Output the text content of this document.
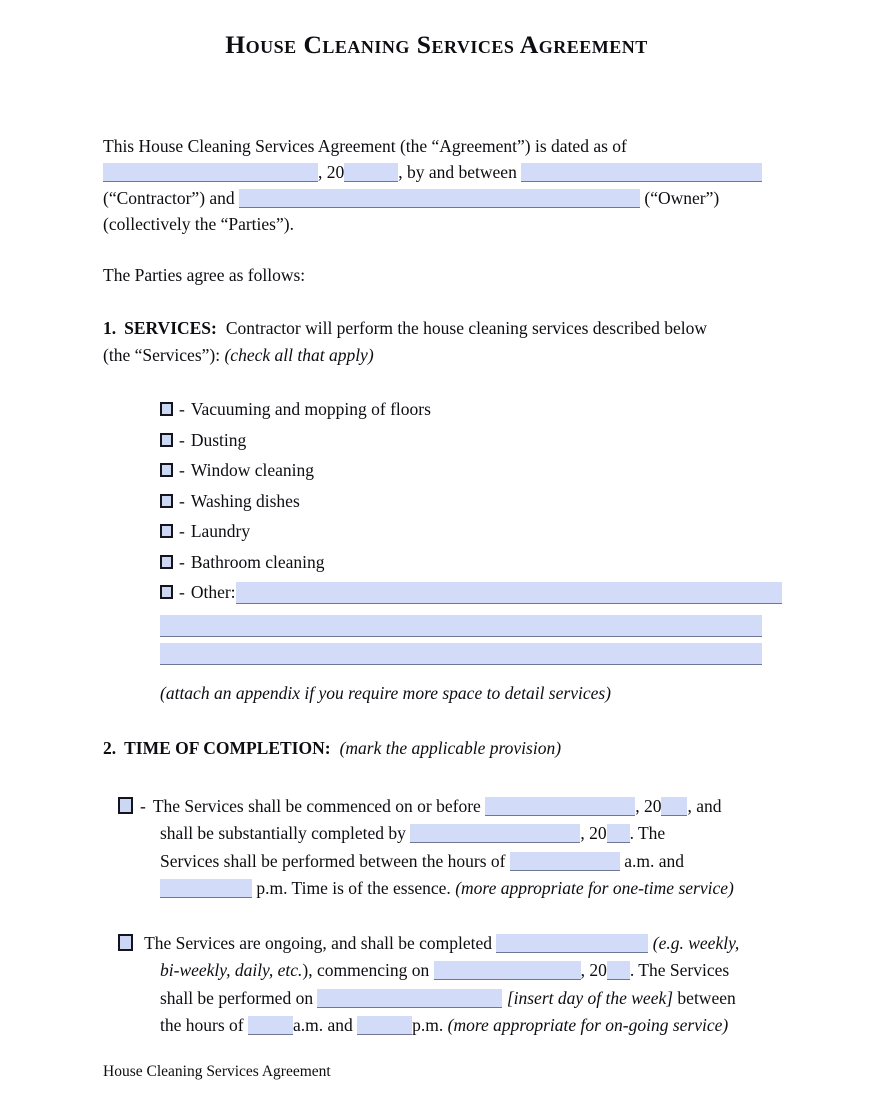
House Cleaning Services Agreement
This House Cleaning Services Agreement (the “Agreement”) is dated as of
, 20	, by and between
(“Contractor”) and	(“Owner”)
(collectively the “Parties”).

The Parties agree as follows:

1. SERVICES: Contractor will perform the house cleaning services described below
(the “Services”): (check all that apply)
- Vacuuming and mopping of floors
- Dusting
- Window cleaning
- Washing dishes
- Laundry
- Bathroom cleaning
- Other:
(attach an appendix if you require more space to detail services)
2. TIME OF COMPLETION: (mark the applicable provision)
- The Services shall be commenced on or before	, 20 , and
shall be substantially completed by	, 20 . The
Services shall be performed between the hours of	a.m. and
p.m. Time is of the essence. (more appropriate for one-time service)
The Services are ongoing, and shall be completed	(e.g. weekly,
bi-weekly, daily, etc.), commencing on	, 20 . The Services
shall be performed on	[insert day of the week] between
the hours of	a.m. and	p.m. (more appropriate for on-going service)
House Cleaning Services Agreement
